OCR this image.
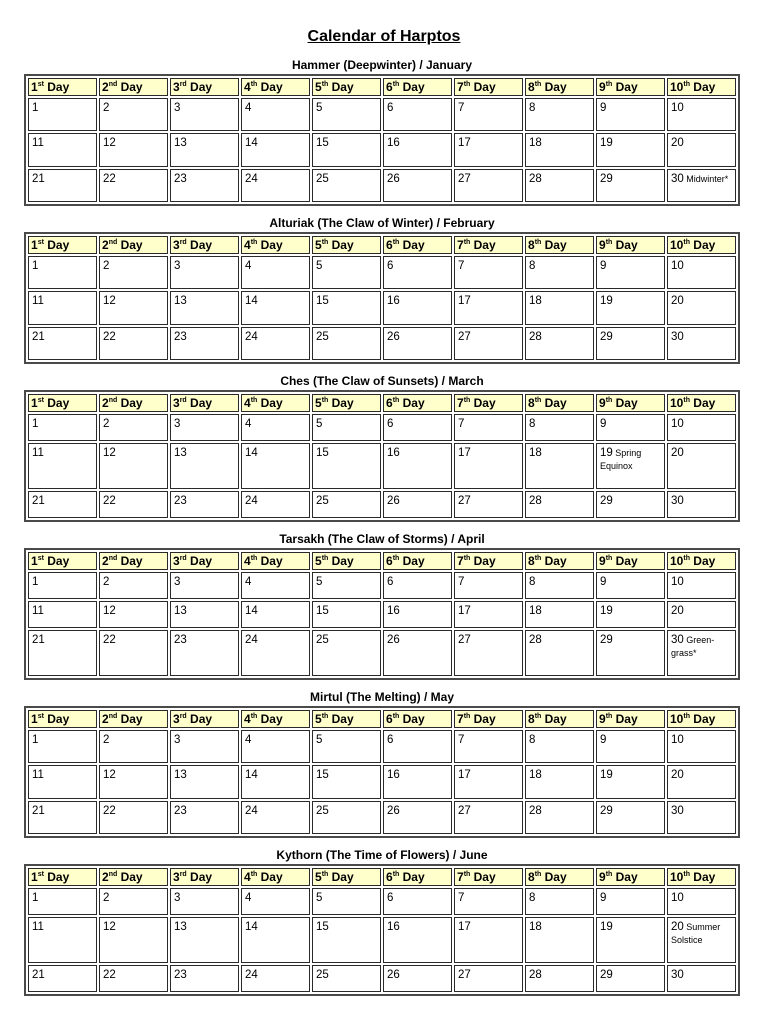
Calendar of Harptos
Hammer (Deepwinter) / January
1st Day	2nd Day	3rd Day	4th Day	5th Day	6th Day	7th Day	8th Day	9th Day	10th Day
1	2	3	4	5	6	7	8	9	10
11	12	13	14	15	16	17	18	19	20
21	22	23	24	25	26	27	28	29	30 Midwinter*
Alturiak (The Claw of Winter) / February
1st Day	2nd Day	3rd Day	4th Day	5th Day	6th Day	7th Day	8th Day	9th Day	10th Day
1	2	3	4	5	6	7	8	9	10
11	12	13	14	15	16	17	18	19	20
21	22	23	24	25	26	27	28	29	30
Ches (The Claw of Sunsets) / March
1st Day	2nd Day	3rd Day	4th Day	5th Day	6th Day	7th Day	8th Day	9th Day	10th Day
1	2	3	4	5	6	7	8	9	10
11	12	13	14	15	16	17	18	19 Spring Equinox	20
21	22	23	24	25	26	27	28	29	30
Tarsakh (The Claw of Storms) / April
1st Day	2nd Day	3rd Day	4th Day	5th Day	6th Day	7th Day	8th Day	9th Day	10th Day
1	2	3	4	5	6	7	8	9	10
11	12	13	14	15	16	17	18	19	20
21	22	23	24	25	26	27	28	29	30 Green-grass*
Mirtul (The Melting) / May
1st Day	2nd Day	3rd Day	4th Day	5th Day	6th Day	7th Day	8th Day	9th Day	10th Day
1	2	3	4	5	6	7	8	9	10
11	12	13	14	15	16	17	18	19	20
21	22	23	24	25	26	27	28	29	30
Kythorn (The Time of Flowers) / June
1st Day	2nd Day	3rd Day	4th Day	5th Day	6th Day	7th Day	8th Day	9th Day	10th Day
1	2	3	4	5	6	7	8	9	10
11	12	13	14	15	16	17	18	19	20 Summer Solstice
21	22	23	24	25	26	27	28	29	30
